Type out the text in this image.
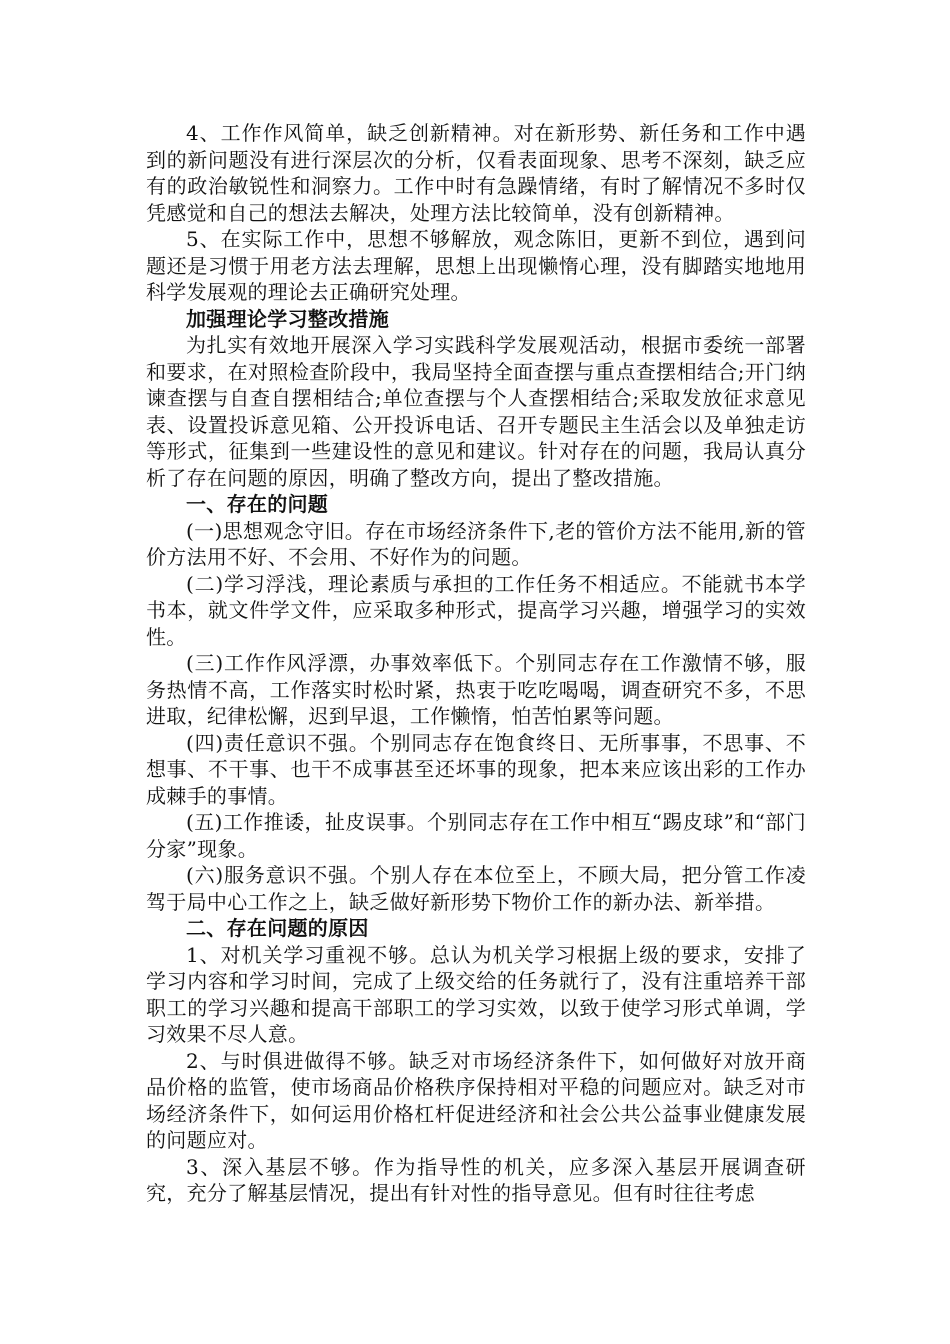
4、工作作风简单，缺乏创新精神。对在新形势、新任务和工作中遇到的新问题没有进行深层次的分析，仅看表面现象、思考不深刻，缺乏应有的政治敏锐性和洞察力。工作中时有急躁情绪，有时了解情况不多时仅凭感觉和自己的想法去解决，处理方法比较简单，没有创新精神。

5、在实际工作中，思想不够解放，观念陈旧，更新不到位，遇到问题还是习惯于用老方法去理解，思想上出现懒惰心理，没有脚踏实地地用科学发展观的理论去正确研究处理。

加强理论学习整改措施

为扎实有效地开展深入学习实践科学发展观活动，根据市委统一部署和要求，在对照检查阶段中，我局坚持全面查摆与重点查摆相结合;开门纳谏查摆与自查自摆相结合;单位查摆与个人查摆相结合;采取发放征求意见表、设置投诉意见箱、公开投诉电话、召开专题民主生活会以及单独走访等形式，征集到一些建设性的意见和建议。针对存在的问题，我局认真分析了存在问题的原因，明确了整改方向，提出了整改措施。

一、存在的问题

(一)思想观念守旧。存在市场经济条件下,老的管价方法不能用,新的管价方法用不好、不会用、不好作为的问题。

(二)学习浮浅，理论素质与承担的工作任务不相适应。不能就书本学书本，就文件学文件，应采取多种形式，提高学习兴趣，增强学习的实效性。

(三)工作作风浮漂，办事效率低下。个别同志存在工作激情不够，服务热情不高，工作落实时松时紧，热衷于吃吃喝喝，调查研究不多，不思进取，纪律松懈，迟到早退，工作懒惰，怕苦怕累等问题。

(四)责任意识不强。个别同志存在饱食终日、无所事事，不思事、不想事、不干事、也干不成事甚至还坏事的现象，把本来应该出彩的工作办成棘手的事情。

(五)工作推诿，扯皮误事。个别同志存在工作中相互“踢皮球”和“部门分家”现象。

(六)服务意识不强。个别人存在本位至上，不顾大局，把分管工作凌驾于局中心工作之上，缺乏做好新形势下物价工作的新办法、新举措。

二、存在问题的原因

1、对机关学习重视不够。总认为机关学习根据上级的要求，安排了学习内容和学习时间，完成了上级交给的任务就行了，没有注重培养干部职工的学习兴趣和提高干部职工的学习实效，以致于使学习形式单调，学习效果不尽人意。

2、与时俱进做得不够。缺乏对市场经济条件下，如何做好对放开商品价格的监管，使市场商品价格秩序保持相对平稳的问题应对。缺乏对市场经济条件下，如何运用价格杠杆促进经济和社会公共公益事业健康发展的问题应对。

3、深入基层不够。作为指导性的机关，应多深入基层开展调查研究，充分了解基层情况，提出有针对性的指导意见。但有时往往考虑
